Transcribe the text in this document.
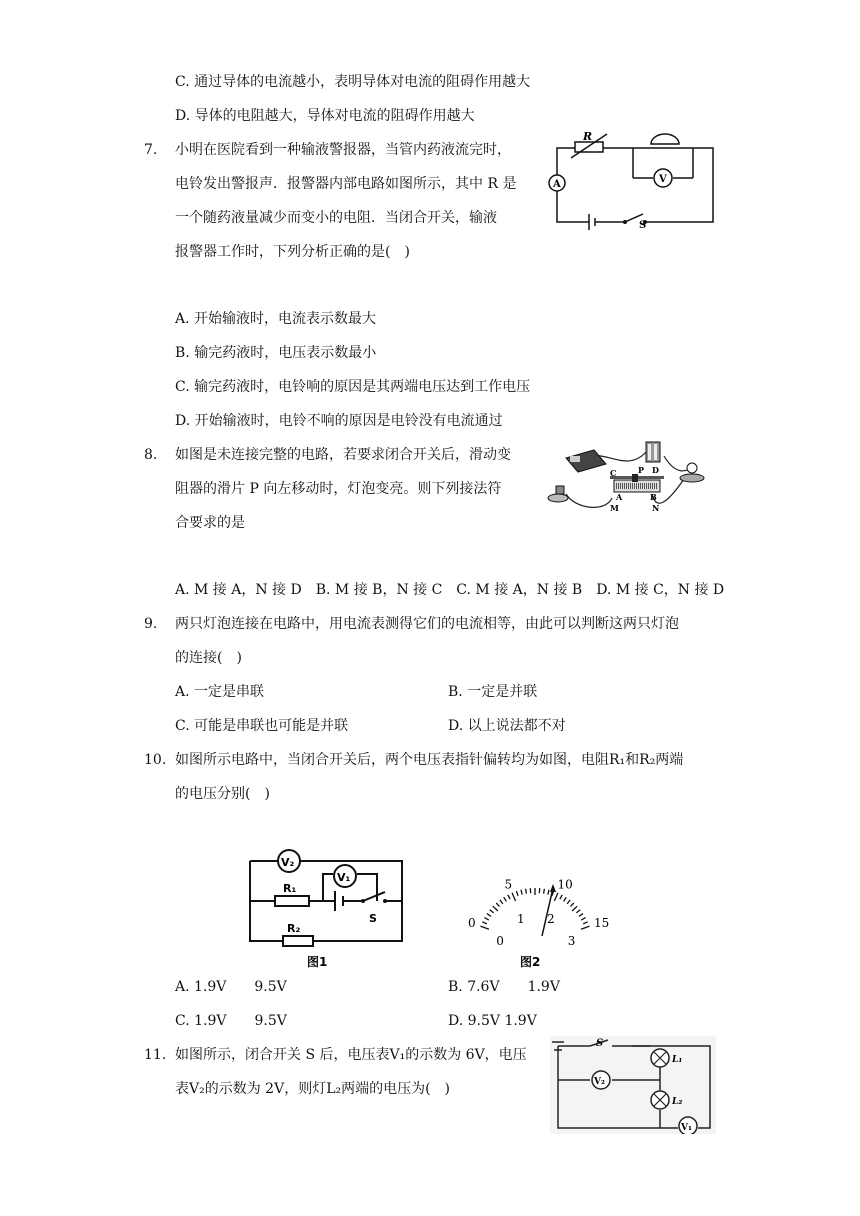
C. 通过导体的电流越小，表明导体对电流的阻碍作用越大
D. 导体的电阻越大，导体对电流的阻碍作用越大
7. 小明在医院看到一种输液警报器，当管内药液流完时，
电铃发出警报声．报警器内部电路如图所示，其中 R 是
一个随药液量减少而变小的电阻．当闭合开关，输液
报警器工作时，下列分析正确的是(　)
R
A	V
S
A. 开始输液时，电流表示数最大
B. 输完药液时，电压表示数最小
C. 输完药液时，电铃响的原因是其两端电压达到工作电压
D. 开始输液时，电铃不响的原因是电铃没有电流通过
8. 如图是未连接完整的电路，若要求闭合开关后，滑动变
阻器的滑片 P 向左移动时，灯泡变亮。则下列接法符
合要求的是
C	P D
A	B
M	N
A. M 接 A，N 接 D　B. M 接 B，N 接 C　C. M 接 A，N 接 B　D. M 接 C，N 接 D
9. 两只灯泡连接在电路中，用电流表测得它们的电流相等，由此可以判断这两只灯泡
的连接(　)
A. 一定是串联	B. 一定是并联
C. 可能是串联也可能是并联	D. 以上说法都不对
10. 如图所示电路中，当闭合开关后，两个电压表指针偏转均为如图，电阻R₁和R₂两端
的电压分别(　)
V₂
V₁
R₁
R₂
S
图1
0
5	10
15
0
1 2
3
图2
A. 1.9V　　9.5V	B. 7.6V　　1.9V
C. 1.9V　　9.5V	D. 9.5V 1.9V
11. 如图所示，闭合开关 S 后，电压表V₁的示数为 6V，电压
表V₂的示数为 2V，则灯L₂两端的电压为(　)
S
L₁
L₂
V₂
V₁
